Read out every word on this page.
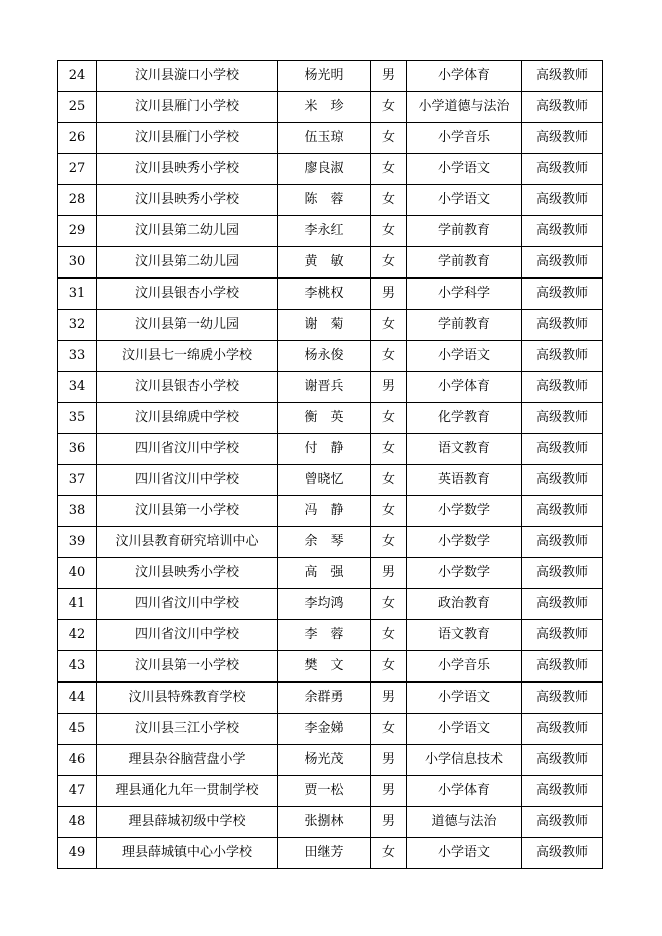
24	汶川县漩口小学校	杨光明	男	小学体育	高级教师
25	汶川县雁门小学校	米　珍	女	小学道德与法治	高级教师
26	汶川县雁门小学校	伍玉琼	女	小学音乐	高级教师
27	汶川县映秀小学校	廖良淑	女	小学语文	高级教师
28	汶川县映秀小学校	陈　蓉	女	小学语文	高级教师
29	汶川县第二幼儿园	李永红	女	学前教育	高级教师
30	汶川县第二幼儿园	黄　敏	女	学前教育	高级教师
31	汶川县银杏小学校	李桃权	男	小学科学	高级教师
32	汶川县第一幼儿园	谢　菊	女	学前教育	高级教师
33	汶川县七一绵虒小学校	杨永俊	女	小学语文	高级教师
34	汶川县银杏小学校	谢晋兵	男	小学体育	高级教师
35	汶川县绵虒中学校	衡　英	女	化学教育	高级教师
36	四川省汶川中学校	付　静	女	语文教育	高级教师
37	四川省汶川中学校	曾晓忆	女	英语教育	高级教师
38	汶川县第一小学校	冯　静	女	小学数学	高级教师
39	汶川县教育研究培训中心	余　琴	女	小学数学	高级教师
40	汶川县映秀小学校	高　强	男	小学数学	高级教师
41	四川省汶川中学校	李均鸿	女	政治教育	高级教师
42	四川省汶川中学校	李　蓉	女	语文教育	高级教师
43	汶川县第一小学校	樊　文	女	小学音乐	高级教师
44	汶川县特殊教育学校	余群勇	男	小学语文	高级教师
45	汶川县三江小学校	李金娣	女	小学语文	高级教师
46	理县杂谷脑营盘小学	杨光茂	男	小学信息技术	高级教师
47	理县通化九年一贯制学校	贾一松	男	小学体育	高级教师
48	理县薛城初级中学校	张捌林	男	道德与法治	高级教师
49	理县薛城镇中心小学校	田继芳	女	小学语文	高级教师
